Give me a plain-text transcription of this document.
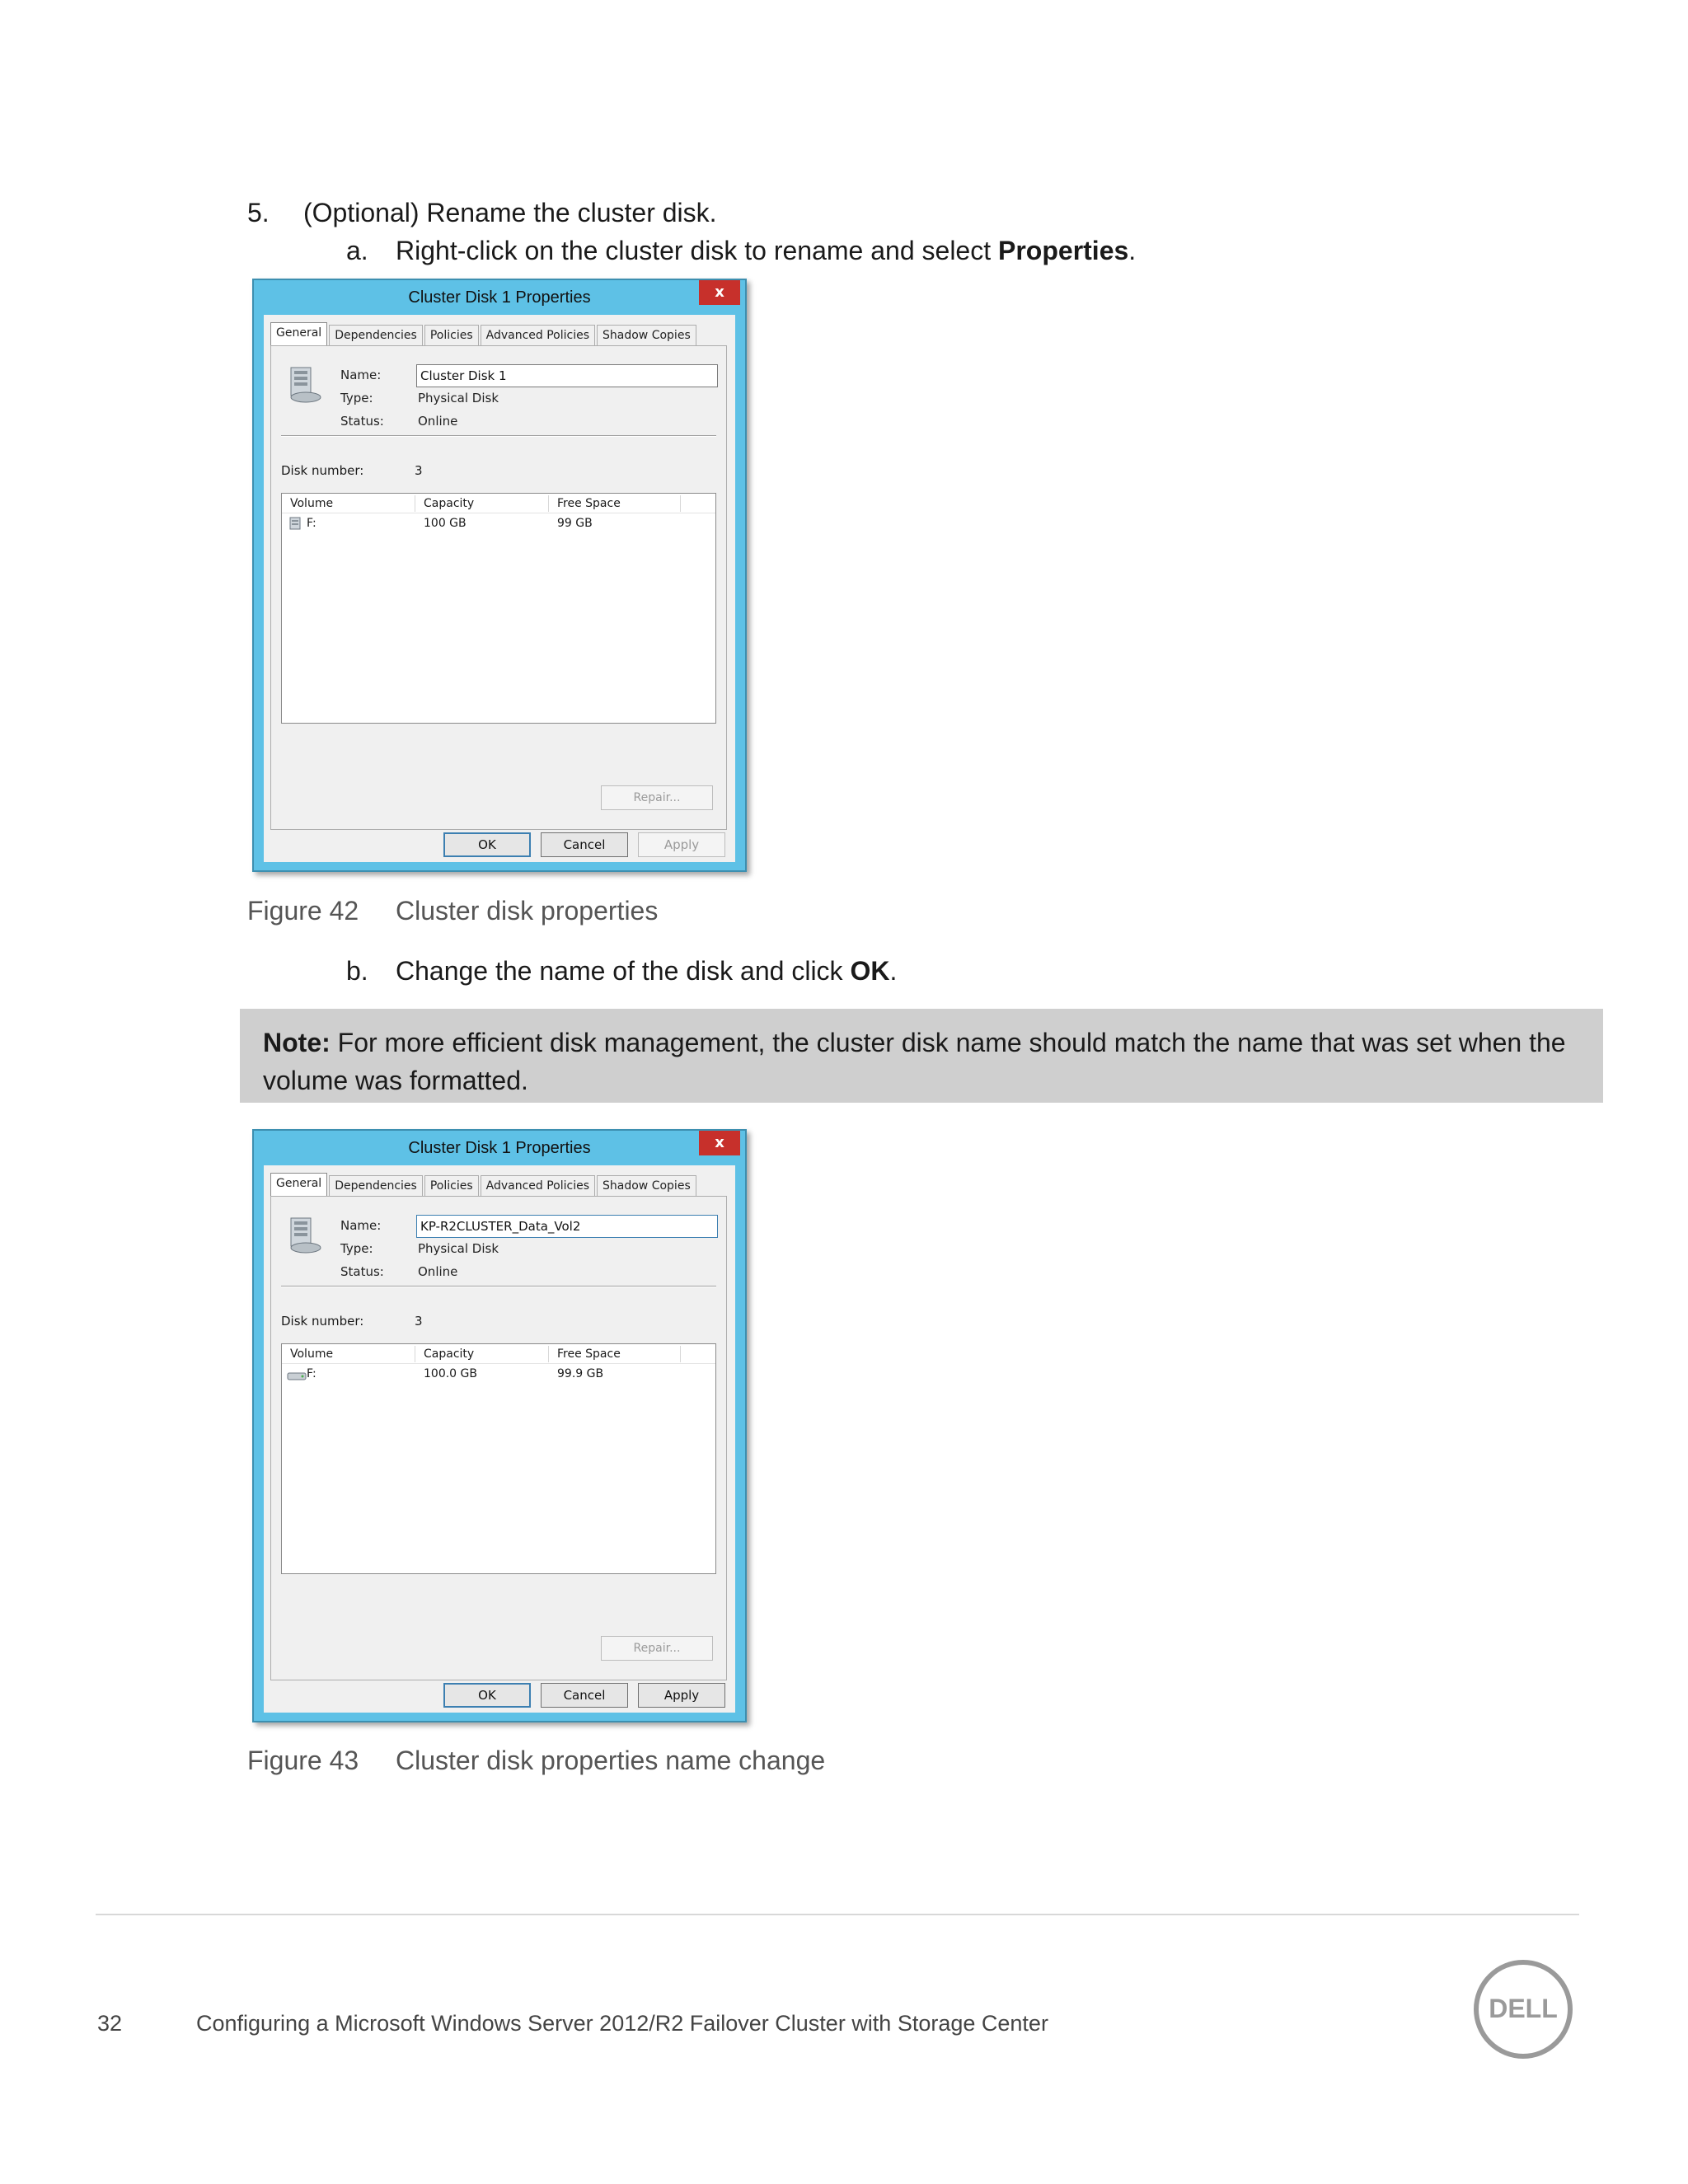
5. (Optional) Rename the cluster disk.
a. Right-click on the cluster disk to rename and select Properties.
Cluster Disk 1 Properties	x
General	Dependencies	Policies	Advanced Policies	Shadow Copies
Name:
Cluster Disk 1
Type:	Physical Disk
Status:	Online
Disk number:	3
Volume	Capacity	Free Space
F:	100 GB	99 GB
Repair...
OK	Cancel	Apply
Figure 42 Cluster disk properties
b. Change the name of the disk and click OK.
Note: For more efficient disk management, the cluster disk name should match the name that was set when the volume was formatted.
Cluster Disk 1 Properties	x
General	Dependencies	Policies	Advanced Policies	Shadow Copies
Name:
KP-R2CLUSTER_Data_Vol2
Type:	Physical Disk
Status:	Online
Disk number:	3
Volume	Capacity	Free Space
F:	100.0 GB	99.9 GB
Repair...
OK	Cancel	Apply
Figure 43 Cluster disk properties name change
32	Configuring a Microsoft Windows Server 2012/R2 Failover Cluster with Storage Center	DELL
